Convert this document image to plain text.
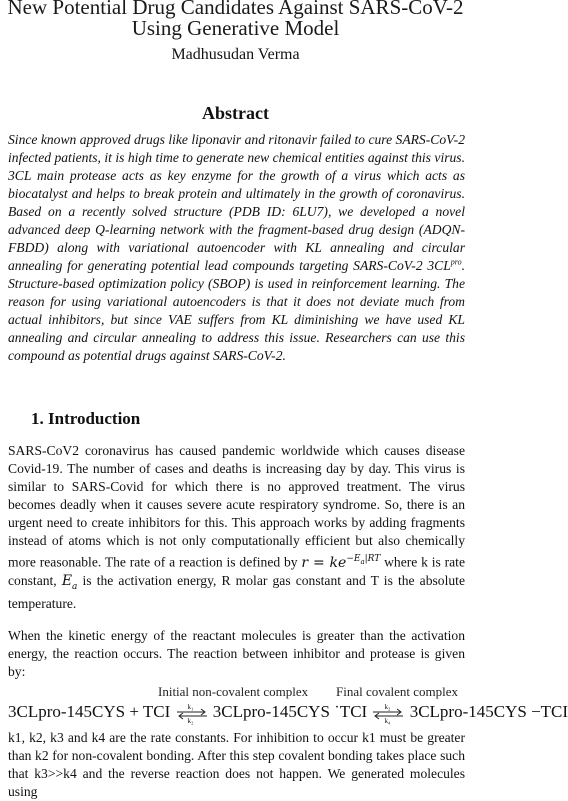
New Potential Drug Candidates Against SARS-CoV-2
Using Generative Model
Madhusudan Verma
Abstract

Since known approved drugs like liponavir and ritonavir failed to cure SARS-CoV-2 infected patients, it is high time to generate new chemical entities against this virus. 3CL main protease acts as key enzyme for the growth of a virus which acts as biocatalyst and helps to break protein and ultimately in the growth of coronavirus. Based on a recently solved structure (PDB ID: 6LU7), we developed a novel advanced deep Q-learning network with the fragment-based drug design (ADQN-FBDD) along with variational autoencoder with KL annealing and circular annealing for generating potential lead compounds targeting SARS-CoV-2 $3CL^{pro}$. Structure-based optimization policy (SBOP) is used in reinforcement learning. The reason for using variational autoencoders is that it does not deviate much from actual inhibitors, but since VAE suffers from KL diminishing we have used KL annealing and circular annealing to address this issue. Researchers can use this compound as potential drugs against SARS-CoV-2.

1. Introduction

SARS-CoV2 coronavirus has caused pandemic worldwide which causes disease Covid-19. The number of cases and deaths is increasing day by day. This virus is similar to SARS-Covid for which there is no approved treatment. The virus becomes deadly when it causes severe acute respiratory syndrome. So, there is an urgent need to create inhibitors for this. This approach works by adding fragments instead of atoms which is not only computationally efficient but also chemically more reasonable. The rate of a reaction is defined by $r = ke^{-E_a|RT}$ where k is rate constant, $E_a$ is the activation energy, R molar gas constant and T is the absolute temperature.

When the kinetic energy of the reactant molecules is greater than the activation energy, the reaction occurs. The reaction between inhibitor and protease is given by:

Initial non-covalent complex Final covalent complex
3CLpro-145CYS + TCI k₁
k₂ 3CLpro-145CYS ˙TCI k₂
k₄ 3CLpro-145CYS −TCI

k1, k2, k3 and k4 are the rate constants. For inhibition to occur k1 must be greater than k2 for non-covalent bonding. After this step covalent bonding takes place such that k3>>k4 and the reverse reaction does not happen. We generated molecules using
